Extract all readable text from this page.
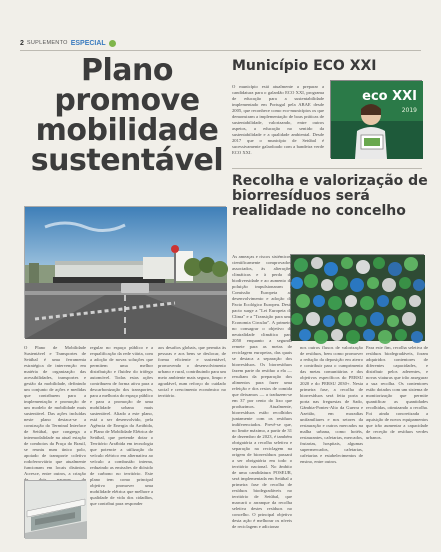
2 SUPLEMENTO ESPECIAL
Plano promove mobilidade sustentável
O Plano de Mobilidade Sustentável e Transportes de Setúbal é uma ferramenta estratégica de intervenção em matéria de organização das acessibilidades, transportes e gestão da mobilidade, definindo um conjunto de ações e medidas que contribuem para a implementação e promoção de um modelo de mobilidade mais sustentável. Das ações incluídas neste plano destaca-se a construção do Terminal Interface de Setúbal, que congrega a intermodalidade na atual estação de comboios da Praça do Brasil, se reuniu num único polo, apoiado de transporte coletivo rodoferroviário que atualmente funcionam em locais distintos. Acresce, entre outros, a criação
regular no espaço público e a requalificação da rede viária, com a adoção de novas soluções que permitem uma melhor distribuição e fluidez do tráfego automóvel. Todas estas ações contribuem de forma ativa para a descarbonização dos transportes, para a melhoria do espaço público e para a promoção de uma mobilidade urbana mais sustentável. Aliado a este plano, está a ser desenvolvido, pela Agência de Energia da Arrábida, o Plano de Mobilidade Elétrica de Setúbal, que pretende dotar o Território Arrábida em tecnologia que potencie a utilização do veículo elétrico em alternativa ao veículo a combustão interna, reduzindo as emissões de dióxido de carbono no território. Este plano tem como principal objetivo promover uma mobilidade elétrica que melhore a qualidade de vida dos cidadãos, que contribui para responder
aos desafios globais, que permita às pessoas e aos bens se deslocar, de forma eficiente e sustentável, promovendo o desenvolvimento urbano e rural, contribuindo para um meio ambiente mais seguro, limpo e agradável, num reforço do cuidado social e crescimento económico no território.
Município ECO XXI
O município está atualmente a preparar a candidatura para o galardão ECO XXI, programa de educação para a sustentabilidade implementado em Portugal pela ABAE desde 2005, que reconhece como eco-municípios os que demonstram a implementação de boas práticas de sustentabilidade, valorizando, entre outros aspetos, a educação no sentido da sustentabilidade e a qualidade ambiental. Desde 2017 que o município de Setúbal é sucessivamente galardoado com a bandeira verde ECO XXI.
eco XXI
2019
Recolha e valorização de biorresíduos será realidade no concelho
As ameaças e riscos sistémicos, cientificamente comprovados, associados, às alterações climáticas e à perda de biodiversidade e ao aumento da poluição impulsionaram a Comissão Europeia ao desenvolvimento e adoção do Pacto Ecológico Europeu. Deste pacto surge a "Lei Europeia do Clima" e a "Transição para uma Economia Circular". A primeira no consagrar o objetivo de neutralidade climática para 2050 enquanto a segunda remete para as metas de reciclagem europeias, das quais se destaca a separação dos biorresíduos. Os biorresíduos fazem parte do resíduo a ela ― resultam da preparação dos alimentos para fazer uma refeição e dos restos de comida que deixamos ― a traduzem-se em 37 por cento do lixo que produzimos. Atualmente, biorresíduos estão recolhidos juntamente com os resíduos indiferenciados. Prevê-se que, no limite máximo, a partir de 31 de dezembro de 2023, é também obrigatória a recolha seletiva e separação na reciclagem na origem de biorresíduos passará a ser obrigatória em todo o território nacional. No âmbito de uma candidatura POSEUR, será implementada em Setúbal a primeira fase de recolha de resíduos biodegradáveis no território de Setúbal, que marcará o arranque da recolha seletiva destes resíduos no concelho. O principal objetivo desta ação é melhorar os níveis de reciclagem e adicionar
nos outros fluxos de valorização de resíduos, bem como promover a redução da deposição em aterro e contribuir para o cumprimento das metas comunitárias e dos objetivos específicos do PERSU 2020 e do PERSU 2030+. Nesta primeira fase, a recolha de biorresíduos será feita porta a porta nas freguesias de Sado, Gâmbia-Pontes-Alto da Guerra e Azeitão, em moradias unifamiliares e nos setores da restauração e outros mercados na malha urbana, como hotéis, restaurantes, cafetarias, mercados, frutarias, hospitais, algumas supermercados, cafetarias, cafetarias e estabelecimentos de ensino, entre outros.
Para este fim, recolha seletiva de resíduos biodegradáveis, foram adquiridos contentores de diferentes capacidades, e distribuir pelos aderentes, e novas viaturas que irão assegurar a sua recolha. Os contentores estão dotados com um sistema de monitorização que permite quantificar as quantidades recolhidas, otimizando a recolha. Foi ainda concretizada a aquisição de novos equipamentos que irão aumentar a capacidade de receção de resíduos verdes urbanos.
